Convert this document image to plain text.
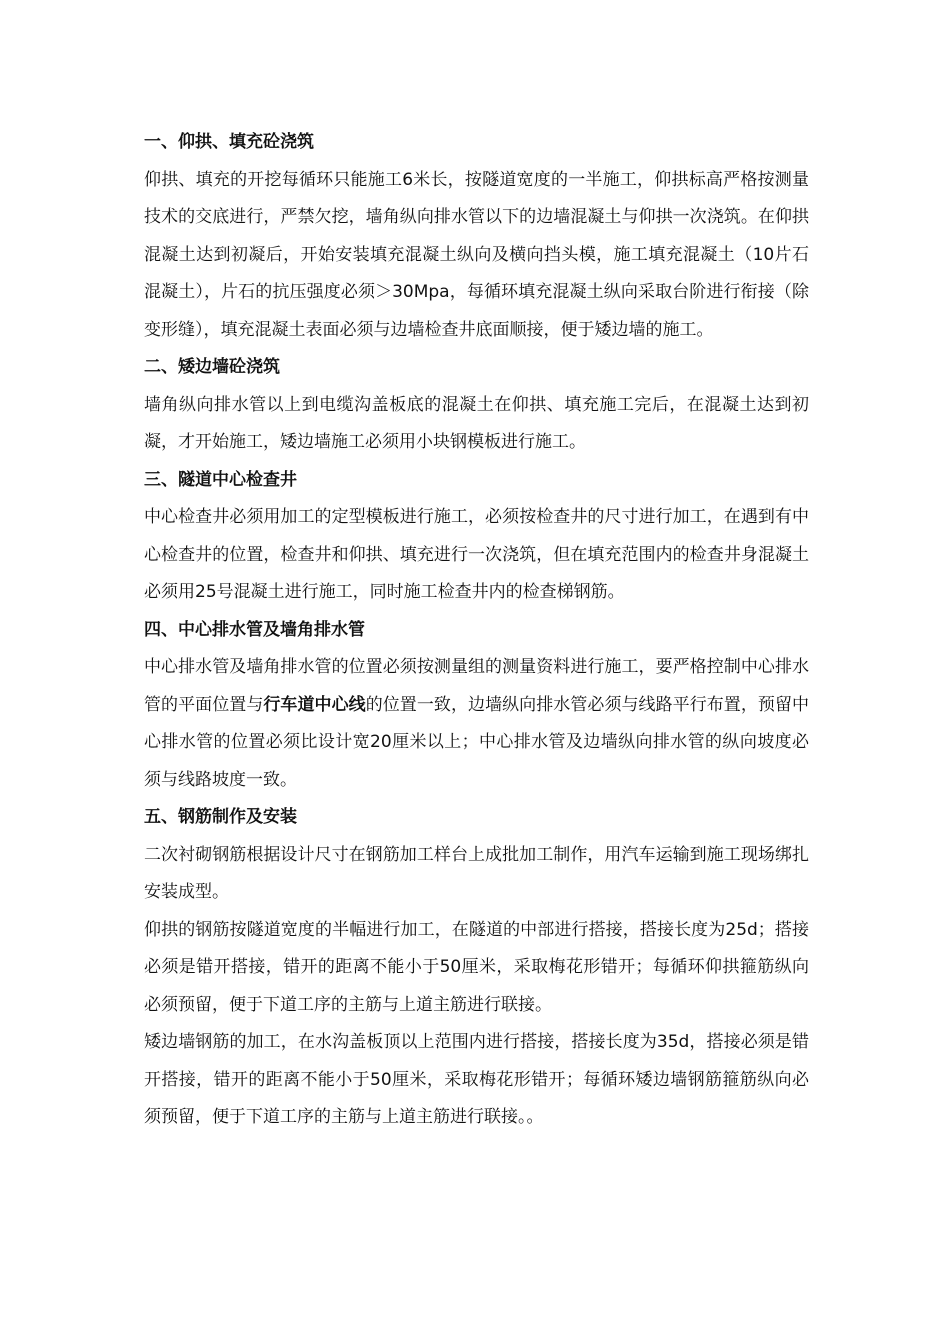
一、仰拱、填充砼浇筑

仰拱、填充的开挖每循环只能施工6米长，按隧道宽度的一半施工，仰拱标高严格按测量技术的交底进行，严禁欠挖，墙角纵向排水管以下的边墙混凝土与仰拱一次浇筑。在仰拱混凝土达到初凝后，开始安装填充混凝土纵向及横向挡头模，施工填充混凝土（10片石混凝土），片石的抗压强度必须＞30Mpa，每循环填充混凝土纵向采取台阶进行衔接（除变形缝），填充混凝土表面必须与边墙检查井底面顺接，便于矮边墙的施工。

二、矮边墙砼浇筑

墙角纵向排水管以上到电缆沟盖板底的混凝土在仰拱、填充施工完后，在混凝土达到初凝，才开始施工，矮边墙施工必须用小块钢模板进行施工。

三、隧道中心检查井

中心检查井必须用加工的定型模板进行施工，必须按检查井的尺寸进行加工，在遇到有中心检查井的位置，检查井和仰拱、填充进行一次浇筑，但在填充范围内的检查井身混凝土必须用25号混凝土进行施工，同时施工检查井内的检查梯钢筋。

四、中心排水管及墙角排水管

中心排水管及墙角排水管的位置必须按测量组的测量资料进行施工，要严格控制中心排水管的平面位置与行车道中心线的位置一致，边墙纵向排水管必须与线路平行布置，预留中心排水管的位置必须比设计宽20厘米以上；中心排水管及边墙纵向排水管的纵向坡度必须与线路坡度一致。

五、钢筋制作及安装

二次衬砌钢筋根据设计尺寸在钢筋加工样台上成批加工制作，用汽车运输到施工现场绑扎安装成型。

仰拱的钢筋按隧道宽度的半幅进行加工，在隧道的中部进行搭接，搭接长度为25d；搭接必须是错开搭接，错开的距离不能小于50厘米，采取梅花形错开；每循环仰拱箍筋纵向必须预留，便于下道工序的主筋与上道主筋进行联接。

矮边墙钢筋的加工，在水沟盖板顶以上范围内进行搭接，搭接长度为35d，搭接必须是错开搭接，错开的距离不能小于50厘米，采取梅花形错开；每循环矮边墙钢筋箍筋纵向必须预留，便于下道工序的主筋与上道主筋进行联接。。
